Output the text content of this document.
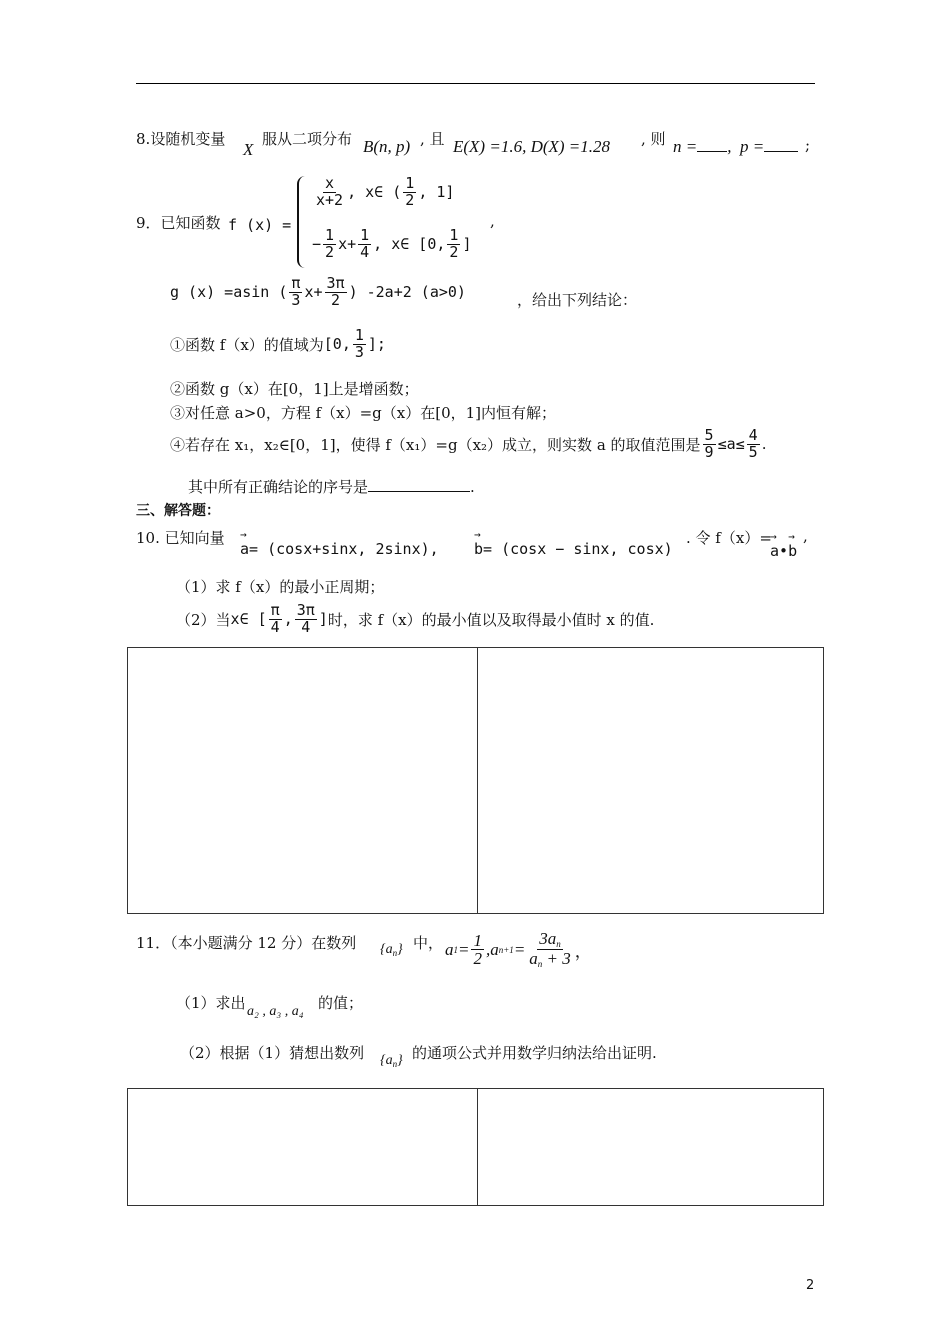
8.设随机变量
X
服从二项分布 B(n, p) , 且 E(X) =1.6, D(X) =1.28 , 则 n = , p =	;
9．已知函数 f (x) =
$\frac{x}{x+2}$ , x∈ ( $\frac{1}{2}$ , 1]
− $\frac{1}{2} x+ \frac{1}{4}$ , x∈ [0, $\frac{1}{2}$ ]
,
g (x) =asin ( $\frac{\pi}{3} x+ \frac{3\pi}{2}$ ) -2a+2 (a>0)	，给出下列结论：
①函数 f（x）的值域为 [0, $\frac{1}{3}$ ];
②函数 g（x）在[0，1]上是增函数；
③对任意 a>0，方程 f（x）=g（x）在[0，1]内恒有解；
④若存在 x₁，x₂∈[0，1]，使得 f（x₁）=g（x₂）成立，则实数 a 的取值范围是 $\frac{5}{9} \le a\le \frac{4}{5}$ .
其中所有正确结论的序号是	.
三、解答题：
10. 已知向量
→ a= (cosx+sinx, 2sinx),
→ b= (cosx − sinx, cosx)
. 令 f（x）=
→ a•→ b
,
（1）求 f（x）的最小正周期；
（2）当 x∈ [ $\frac{\pi}{4}$ , $\frac{3\pi}{4}$ ] 时，求 f（x）的最小值以及取得最小值时 x 的值.
11．（本小题满分 12 分）在数列 $\{a_n\}$ 中， a $1 = \frac{1}{2}$ , a $n+1 = \frac{3a_n}{a_n + 3}$ ，
（1）求出 a₂ , a₃ , a₄ 的值；
（2）根据（1）猜想出数列 $\{a_n\}$ 的通项公式并用数学归纳法给出证明.
2
